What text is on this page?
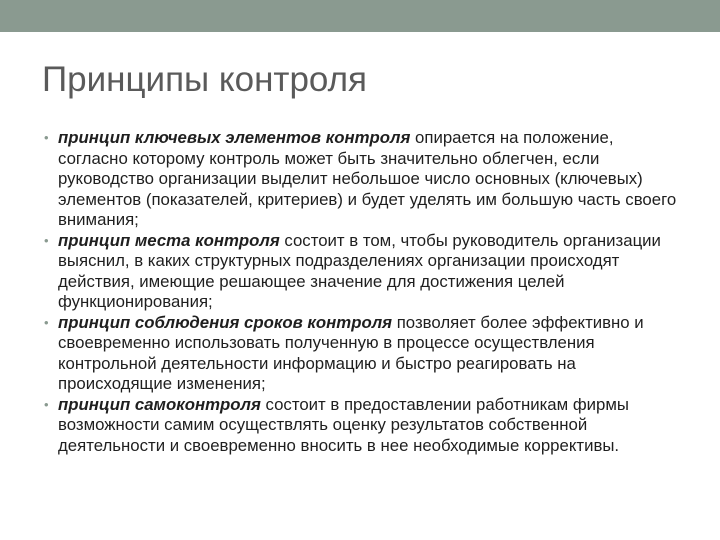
Принципы контроля
• принцип ключевых элементов контроля опирается на положение, согласно которому контроль может быть значительно облегчен, если руководство организации выделит небольшое число основных (ключевых) элементов (показателей, критериев) и будет уделять им большую часть своего внимания;
• принцип места контроля состоит в том, чтобы руководитель организации выяснил, в каких структурных подразделениях организации происходят действия, имеющие решающее значение для достижения целей функционирования;
• принцип соблюдения сроков контроля позволяет более эффективно и своевременно использовать полученную в процессе осуществления контрольной деятельности информацию и быстро реагировать на происходящие изменения;
• принцип самоконтроля состоит в предоставлении работникам фирмы возможности самим осуществлять оценку результатов собственной деятельности и своевременно вносить в нее необходимые коррективы.
